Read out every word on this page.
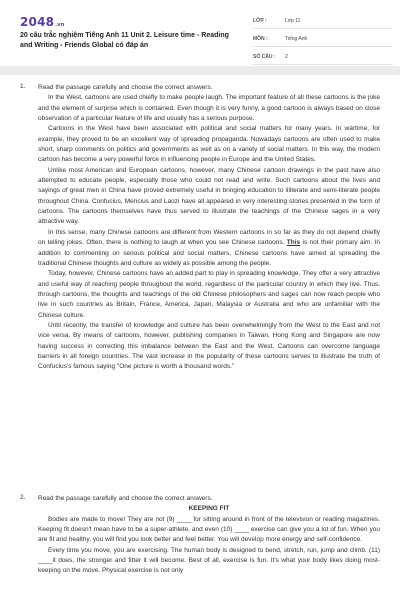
2048.vn
20 câu trắc nghiệm Tiếng Anh 11 Unit 2. Leisure time - Reading and Writing - Friends Global có đáp án
LỚP :	Lớp 11
MÔN :	Tiếng Anh
SỐ CÂU :	2
1. Read the passage carefully and choose the correct answers.

In the West, cartoons are used chiefly to make people laugh. The important feature of all these cartoons is the joke and the element of surprise which is contained. Even though it is very funny, a good cartoon is always based on close observation of a particular feature of life and usually has a serious purpose.

Cartoons in the West have been associated with political and social matters for many years. In wartime, for example, they proved to be an excellent way of spreading propaganda. Nowadays cartoons are often used to make short, sharp comments on politics and governments as well as on a variety of social matters. In this way, the modern cartoon has become a very powerful force in influencing people in Europe and the United States.

Unlike most American and European cartoons, however, many Chinese cartoon drawings in the past have also attempted to educate people, especially those who could not read and write. Such cartoons about the lives and sayings of great men in China have proved extremely useful in bringing education to illiterate and semi-literate people throughout China. Confucius, Mencius and Laozi have all appeared in very interesting stories presented in the form of cartoons. The cartoons themselves have thus served to illustrate the teachings of the Chinese sages in a very attractive way.

In this sense, many Chinese cartoons are different from Western cartoons in so far as they do not depend chiefly on telling jokes. Often, there is nothing to laugh at when you see Chinese cartoons. This is not their primary aim. In addition to commenting on serious political and social matters, Chinese cartoons have aimed at spreading the traditional Chinese thoughts and culture as widely as possible among the people.

Today, however, Chinese cartoons have an added part to play in spreading knowledge. They offer a very attractive and useful way of reaching people throughout the world, regardless of the particular country in which they live. Thus, through cartoons, the thoughts and teachings of the old Chinese philosophers and sages can now reach people who live in such countries as Britain, France, America, Japan, Malaysia or Australia and who are unfamiliar with the Chinese culture.

Until recently, the transfer of knowledge and culture has been overwhelmingly from the West to the East and not vice versa. By means of cartoons, however, publishing companies in Taiwan, Hong Kong and Singapore are now having success in correcting this imbalance between the East and the West. Cartoons can overcome language barriers in all foreign countries. The vast increase in the popularity of these cartoons serves to illustrate the truth of Confucius's famous saying "One picture is worth a thousand words."

2. Read the passage carefully and choose the correct answers.

KEEPING FIT

Bodies are made to move! They are not (9) ____ for sitting around in front of the television or reading magazines. Keeping fit doesn't mean have to be a super-athlete, and even (10) ____ exercise can give you a lot of fun. When you are fit and healthy, you will find you look better and feel better. You will develop more energy and self-confidence.

Every time you move, you are exercising. The human body is designed to bend, stretch, run, jump and climb. (11) ____it does, the stronger and fitter it will become. Best of all, exercise is fun. It's what your body likes doing most-keeping on the move. Physical exercise is not only
